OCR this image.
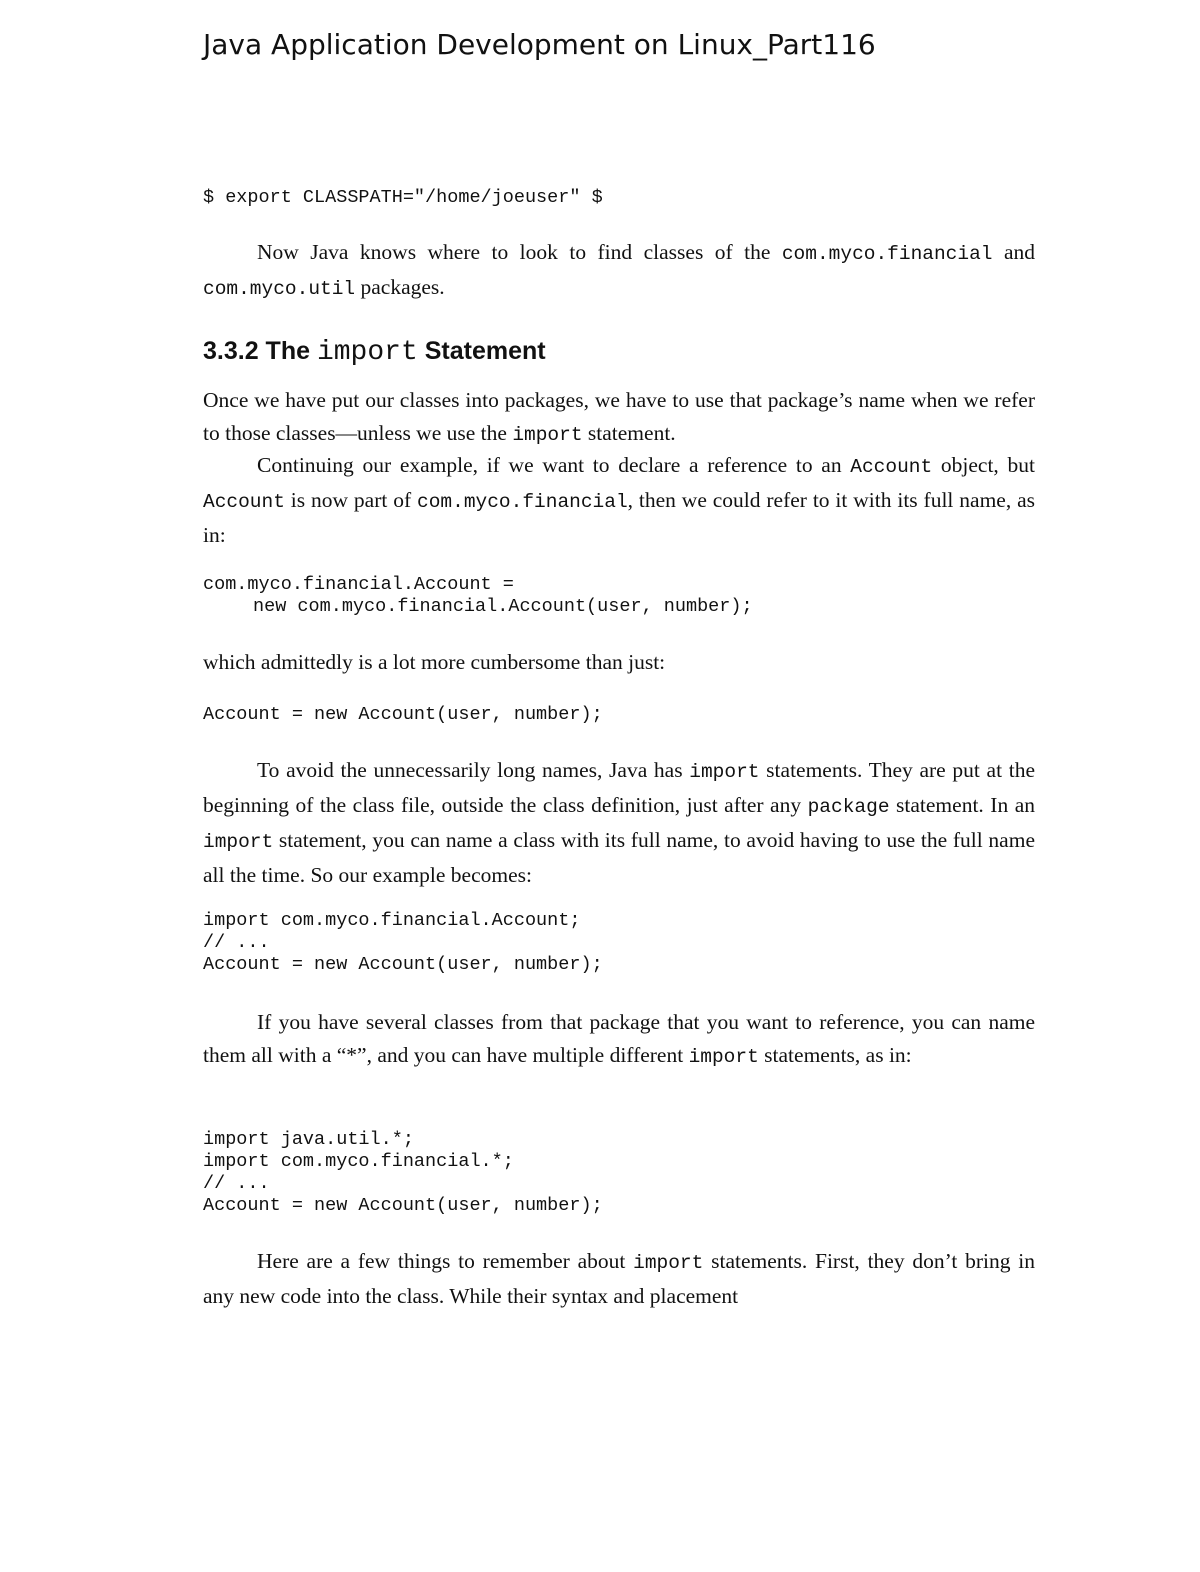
Java Application Development on Linux_Part116
$ export CLASSPATH="/home/joeuser" $

Now Java knows where to look to find classes of the com.myco.financial and com.myco.util packages.

3.3.2 The import Statement

Once we have put our classes into packages, we have to use that package’s name when we refer to those classes—unless we use the import statement.

Continuing our example, if we want to declare a reference to an Account object, but Account is now part of com.myco.financial, then we could refer to it with its full name, as in:

com.myco.financial.Account =
new com.myco.financial.Account(user, number);

which admittedly is a lot more cumbersome than just:

Account = new Account(user, number);

To avoid the unnecessarily long names, Java has import statements. They are put at the beginning of the class file, outside the class definition, just after any package statement. In an import statement, you can name a class with its full name, to avoid having to use the full name all the time. So our example becomes:

import com.myco.financial.Account;
// ...
Account = new Account(user, number);

If you have several classes from that package that you want to reference, you can name them all with a “*”, and you can have multiple different import statements, as in:

import java.util.*;
import com.myco.financial.*;
// ...
Account = new Account(user, number);

Here are a few things to remember about import statements. First, they don’t bring in any new code into the class. While their syntax and placement
